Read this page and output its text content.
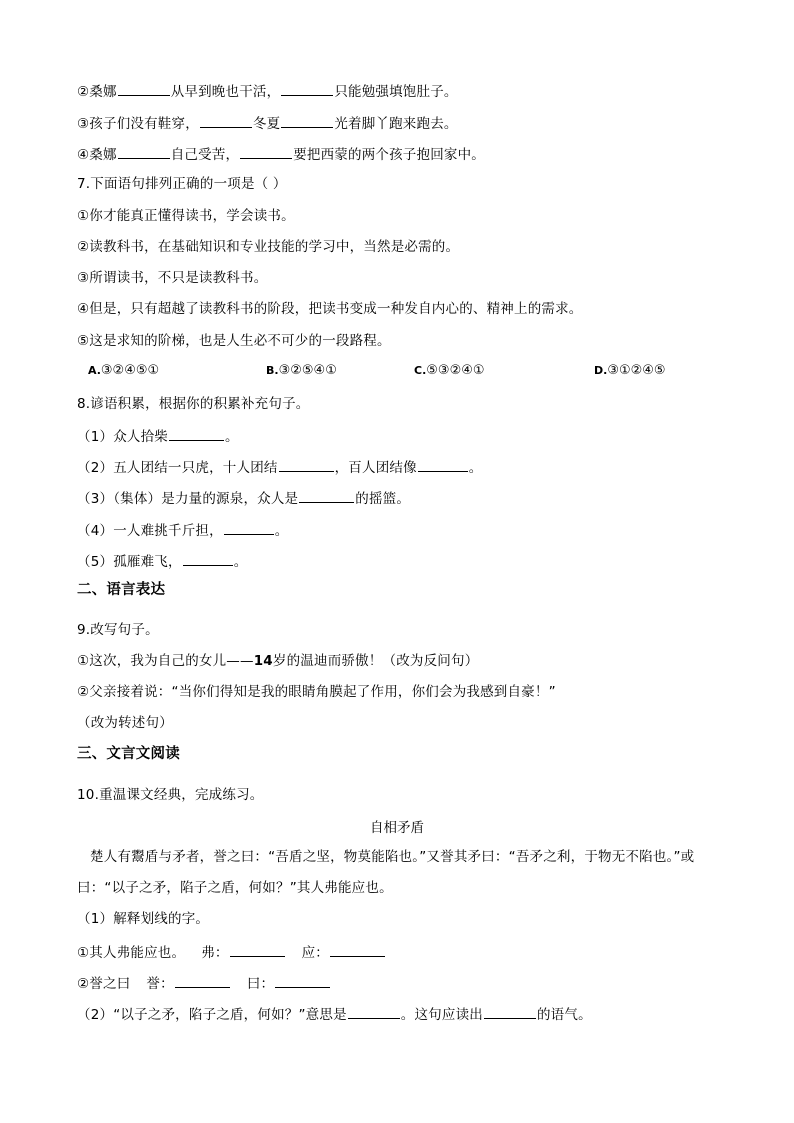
②桑娜	从早到晚也干活，	只能勉强填饱肚子。
③孩子们没有鞋穿，	冬夏	光着脚丫跑来跑去。
④桑娜	自己受苦，	要把西蒙的两个孩子抱回家中。
7.下面语句排列正确的一项是（ ）
①你才能真正懂得读书，学会读书。
②读教科书，在基础知识和专业技能的学习中，当然是必需的。
③所谓读书，不只是读教科书。
④但是，只有超越了读教科书的阶段，把读书变成一种发自内心的、精神上的需求。
⑤这是求知的阶梯，也是人生必不可少的一段路程。
A.③②④⑤①	B.③②⑤④①	C.⑤③②④①	D.③①②④⑤
8.谚语积累，根据你的积累补充句子。
（1）众人拾柴	。
（2）五人团结一只虎，十人团结	，百人团结像	。
（3）（集体）是力量的源泉，众人是	的摇篮。
（4）一人难挑千斤担，	。
（5）孤雁难飞，	。
二、语言表达
9.改写句子。
①这次，我为自己的女儿——14岁的温迪而骄傲！（改为反问句）
②父亲接着说：“当你们得知是我的眼睛角膜起了作用，你们会为我感到自豪！”
（改为转述句）
三、文言文阅读
10.重温课文经典，完成练习。
自相矛盾
楚人有鬻盾与矛者，誉之曰：“吾盾之坚，物莫能陷也。”又誉其矛曰：“吾矛之利，于物无不陷也。”或
曰：“以子之矛，陷子之盾，何如？”其人弗能应也。
（1）解释划线的字。
①其人弗能应也。 弗：	应：
②誉之曰 誉：	曰：
（2）“以子之矛，陷子之盾，何如？”意思是	。这句应读出	的语气。
